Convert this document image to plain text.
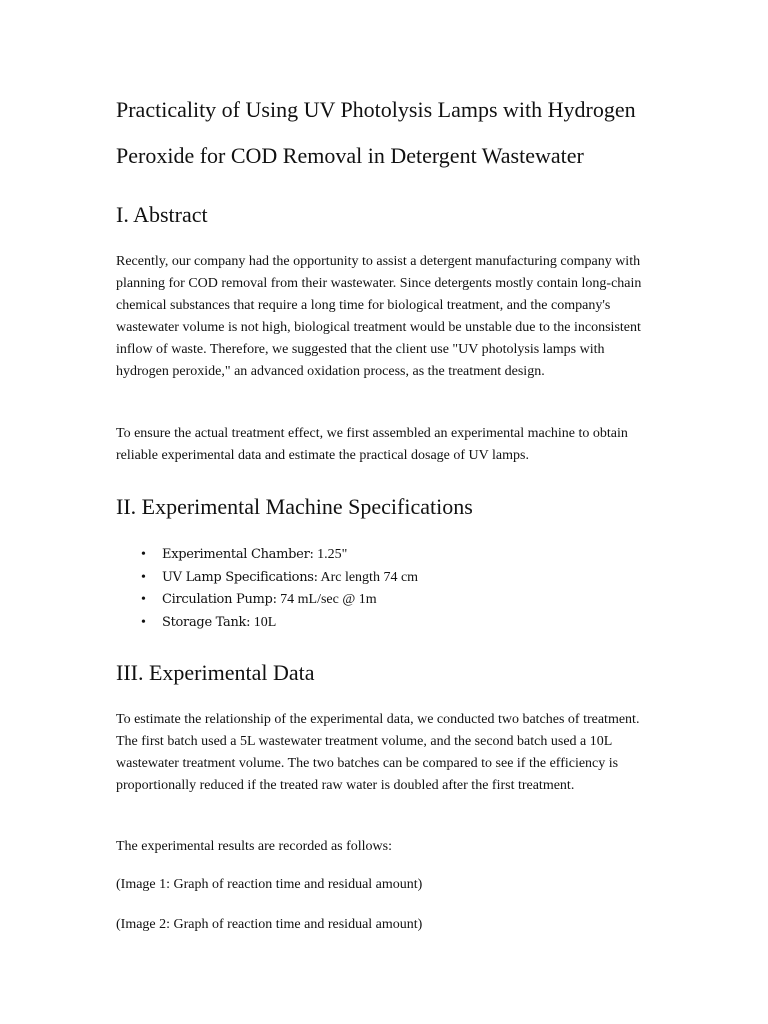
Practicality of Using UV Photolysis Lamps with Hydrogen
Peroxide for COD Removal in Detergent Wastewater
I. Abstract

Recently, our company had the opportunity to assist a detergent manufacturing company with planning for COD removal from their wastewater. Since detergents mostly contain long-chain chemical substances that require a long time for biological treatment, and the company's wastewater volume is not high, biological treatment would be unstable due to the inconsistent inflow of waste. Therefore, we suggested that the client use "UV photolysis lamps with hydrogen peroxide," an advanced oxidation process, as the treatment design.

To ensure the actual treatment effect, we first assembled an experimental machine to obtain reliable experimental data and estimate the practical dosage of UV lamps.

II. Experimental Machine Specifications
• Experimental Chamber: 1.25"
• UV Lamp Specifications: Arc length 74 cm
• Circulation Pump: 74 mL/sec @ 1m
• Storage Tank: 10L
III. Experimental Data

To estimate the relationship of the experimental data, we conducted two batches of treatment. The first batch used a 5L wastewater treatment volume, and the second batch used a 10L wastewater treatment volume. The two batches can be compared to see if the efficiency is proportionally reduced if the treated raw water is doubled after the first treatment.

The experimental results are recorded as follows:

(Image 1: Graph of reaction time and residual amount)

(Image 2: Graph of reaction time and residual amount)
